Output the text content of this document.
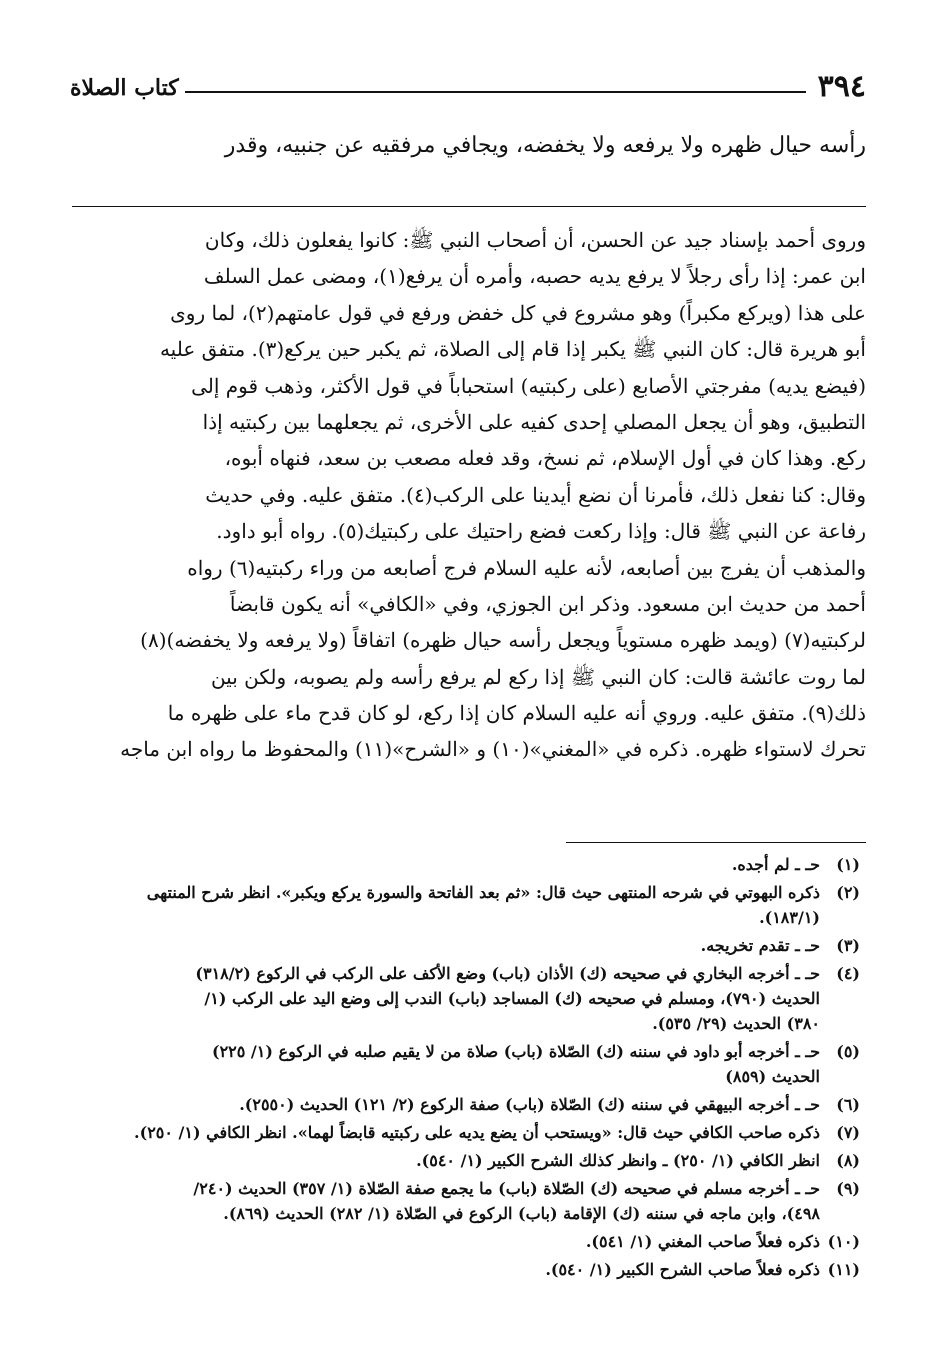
٣٩٤
كتاب الصلاة
رأسه حيال ظهره ولا يرفعه ولا يخفضه، ويجافي مرفقيه عن جنبيه، وقدر
وروى أحمد بإسناد جيد عن الحسن، أن أصحاب النبي ﷺ: كانوا يفعلون ذلك، وكان
ابن عمر: إذا رأى رجلاً لا يرفع يديه حصبه، وأمره أن يرفع(١)، ومضى عمل السلف
على هذا (ويركع مكبراً) وهو مشروع في كل خفض ورفع في قول عامتهم(٢)، لما روى
أبو هريرة قال: كان النبي ﷺ يكبر إذا قام إلى الصلاة، ثم يكبر حين يركع(٣). متفق عليه
(فيضع يديه) مفرجتي الأصابع (على ركبتيه) استحباباً في قول الأكثر، وذهب قوم إلى
التطبيق، وهو أن يجعل المصلي إحدى كفيه على الأخرى، ثم يجعلهما بين ركبتيه إذا
ركع. وهذا كان في أول الإسلام، ثم نسخ، وقد فعله مصعب بن سعد، فنهاه أبوه،
وقال: كنا نفعل ذلك، فأمرنا أن نضع أيدينا على الركب(٤). متفق عليه. وفي حديث
رفاعة عن النبي ﷺ قال: وإذا ركعت فضع راحتيك على ركبتيك(٥). رواه أبو داود.
والمذهب أن يفرج بين أصابعه، لأنه عليه السلام فرج أصابعه من وراء ركبتيه(٦) رواه
أحمد من حديث ابن مسعود. وذكر ابن الجوزي، وفي «الكافي» أنه يكون قابضاً
لركبتيه(٧) (ويمد ظهره مستوياً ويجعل رأسه حيال ظهره) اتفاقاً (ولا يرفعه ولا يخفضه)(٨)
لما روت عائشة قالت: كان النبي ﷺ إذا ركع لم يرفع رأسه ولم يصوبه، ولكن بين
ذلك(٩). متفق عليه. وروي أنه عليه السلام كان إذا ركع، لو كان قدح ماء على ظهره ما
تحرك لاستواء ظهره. ذكره في «المغني»(١٠) و «الشرح»(١١) والمحفوظ ما رواه ابن ماجه
(١)
حـ ـ لم أجده.
(٢)
ذكره البهوتي في شرحه المنتهى حيث قال: «ثم بعد الفاتحة والسورة يركع ويكبر». انظر شرح المنتهى
(١٨٣/١).
(٣)
حـ ـ تقدم تخريجه.
(٤)
حـ ـ أخرجه البخاري في صحيحه (ك) الأذان (باب) وضع الأكف على الركب في الركوع (٣١٨/٢)
الحديث (٧٩٠)، ومسلم في صحيحه (ك) المساجد (باب) الندب إلى وضع اليد على الركب (١/
٣٨٠) الحديث (٢٩/ ٥٣٥).
(٥)
حـ ـ أخرجه أبو داود في سننه (ك) الصّلاة (باب) صلاة من لا يقيم صلبه في الركوع (١/ ٢٢٥)
الحديث (٨٥٩)
(٦)
حـ ـ أخرجه البيهقي في سننه (ك) الصّلاة (باب) صفة الركوع (٢/ ١٢١) الحديث (٢٥٥٠).
(٧)
ذكره صاحب الكافي حيث قال: «ويستحب أن يضع يديه على ركبتيه قابضاً لهما». انظر الكافي (١/ ٢٥٠).
(٨)
انظر الكافي (١/ ٢٥٠) ـ وانظر كذلك الشرح الكبير (١/ ٥٤٠).
(٩)
حـ ـ أخرجه مسلم في صحيحه (ك) الصّلاة (باب) ما يجمع صفة الصّلاة (١/ ٣٥٧) الحديث (٢٤٠/
٤٩٨)، وابن ماجه في سننه (ك) الإقامة (باب) الركوع في الصّلاة (١/ ٢٨٢) الحديث (٨٦٩).
(١٠)
ذكره فعلاً صاحب المغني (١/ ٥٤١).
(١١)
ذكره فعلاً صاحب الشرح الكبير (١/ ٥٤٠).
